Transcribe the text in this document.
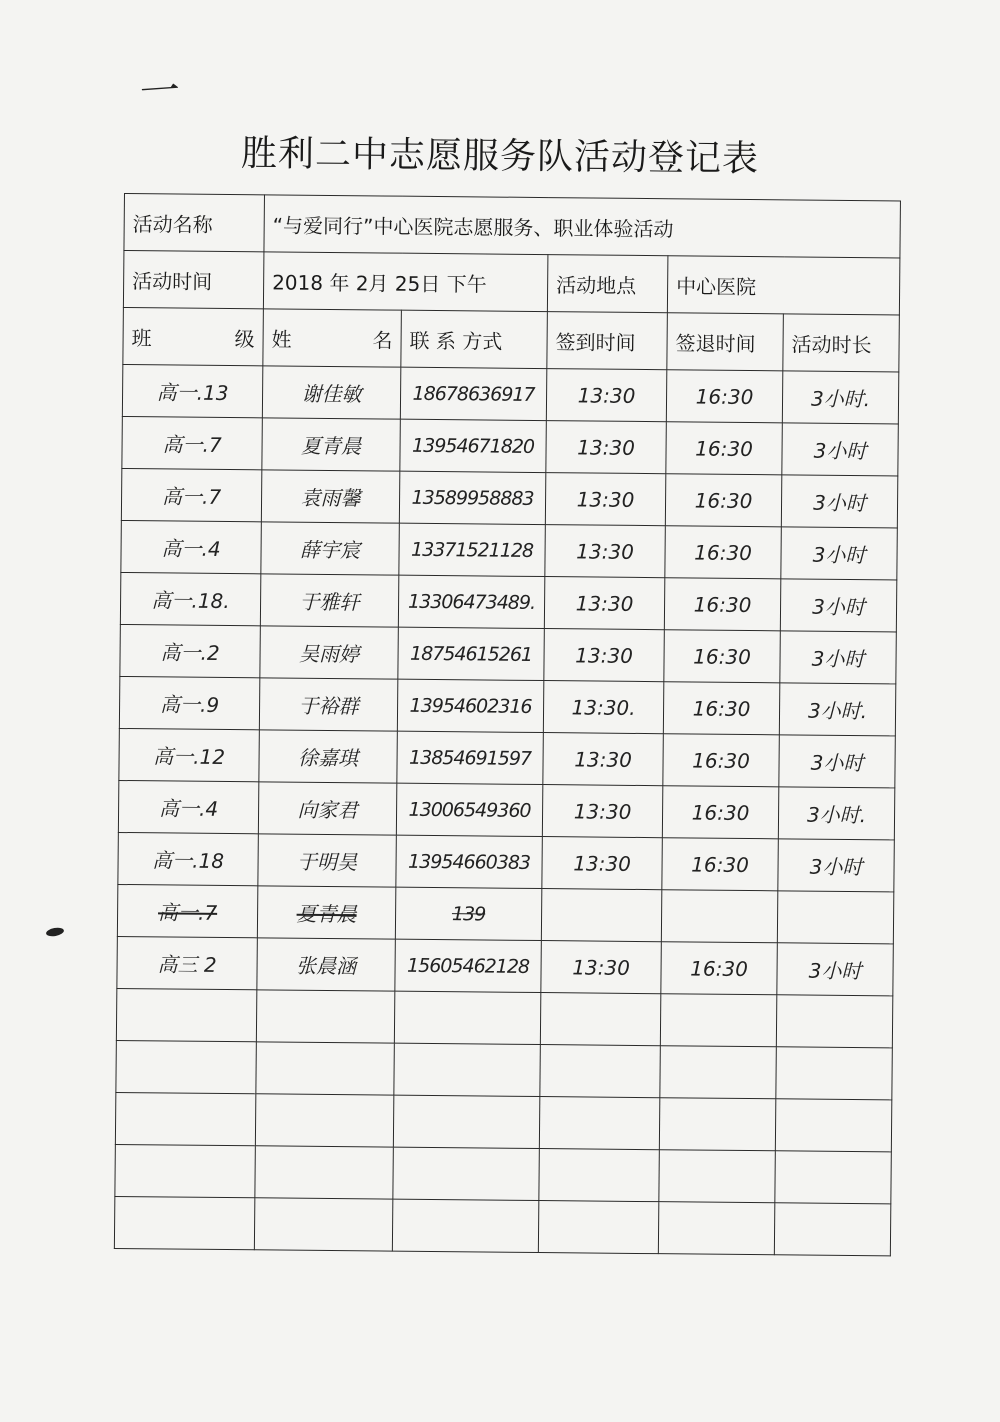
一
胜利二中志愿服务队活动登记表
活动名称	“与爱同行”中心医院志愿服务、职业体验活动				
活动时间	2018 年 2月 25日 下午		活动地点	中心医院	

班 级	姓 名	联 系 方式	签到时间	签退时间	活动时长
高一.13	谢佳敏	18678636917	13:30	16:30	3小时.
高一.7	夏青晨	13954671820	13:30	16:30	3小时
高一.7	袁雨馨	13589958883	13:30	16:30	3小时
高一.4	薛宇宸	13371521128	13:30	16:30	3小时
高一.18.	于雅轩	13306473489.	13:30	16:30	3小时
高一.2	吴雨婷	18754615261	13:30	16:30	3小时
高一.9	于裕群	13954602316	13:30.	16:30	3小时.
高一.12	徐嘉琪	13854691597	13:30	16:30	3小时
高一.4	向家君	13006549360	13:30	16:30	3小时.
高一.18	于明昊	13954660383	13:30	16:30	3小时
高一.7	夏青晨	139			
高三 2	张晨涵	15605462128	13:30	16:30	3小时
